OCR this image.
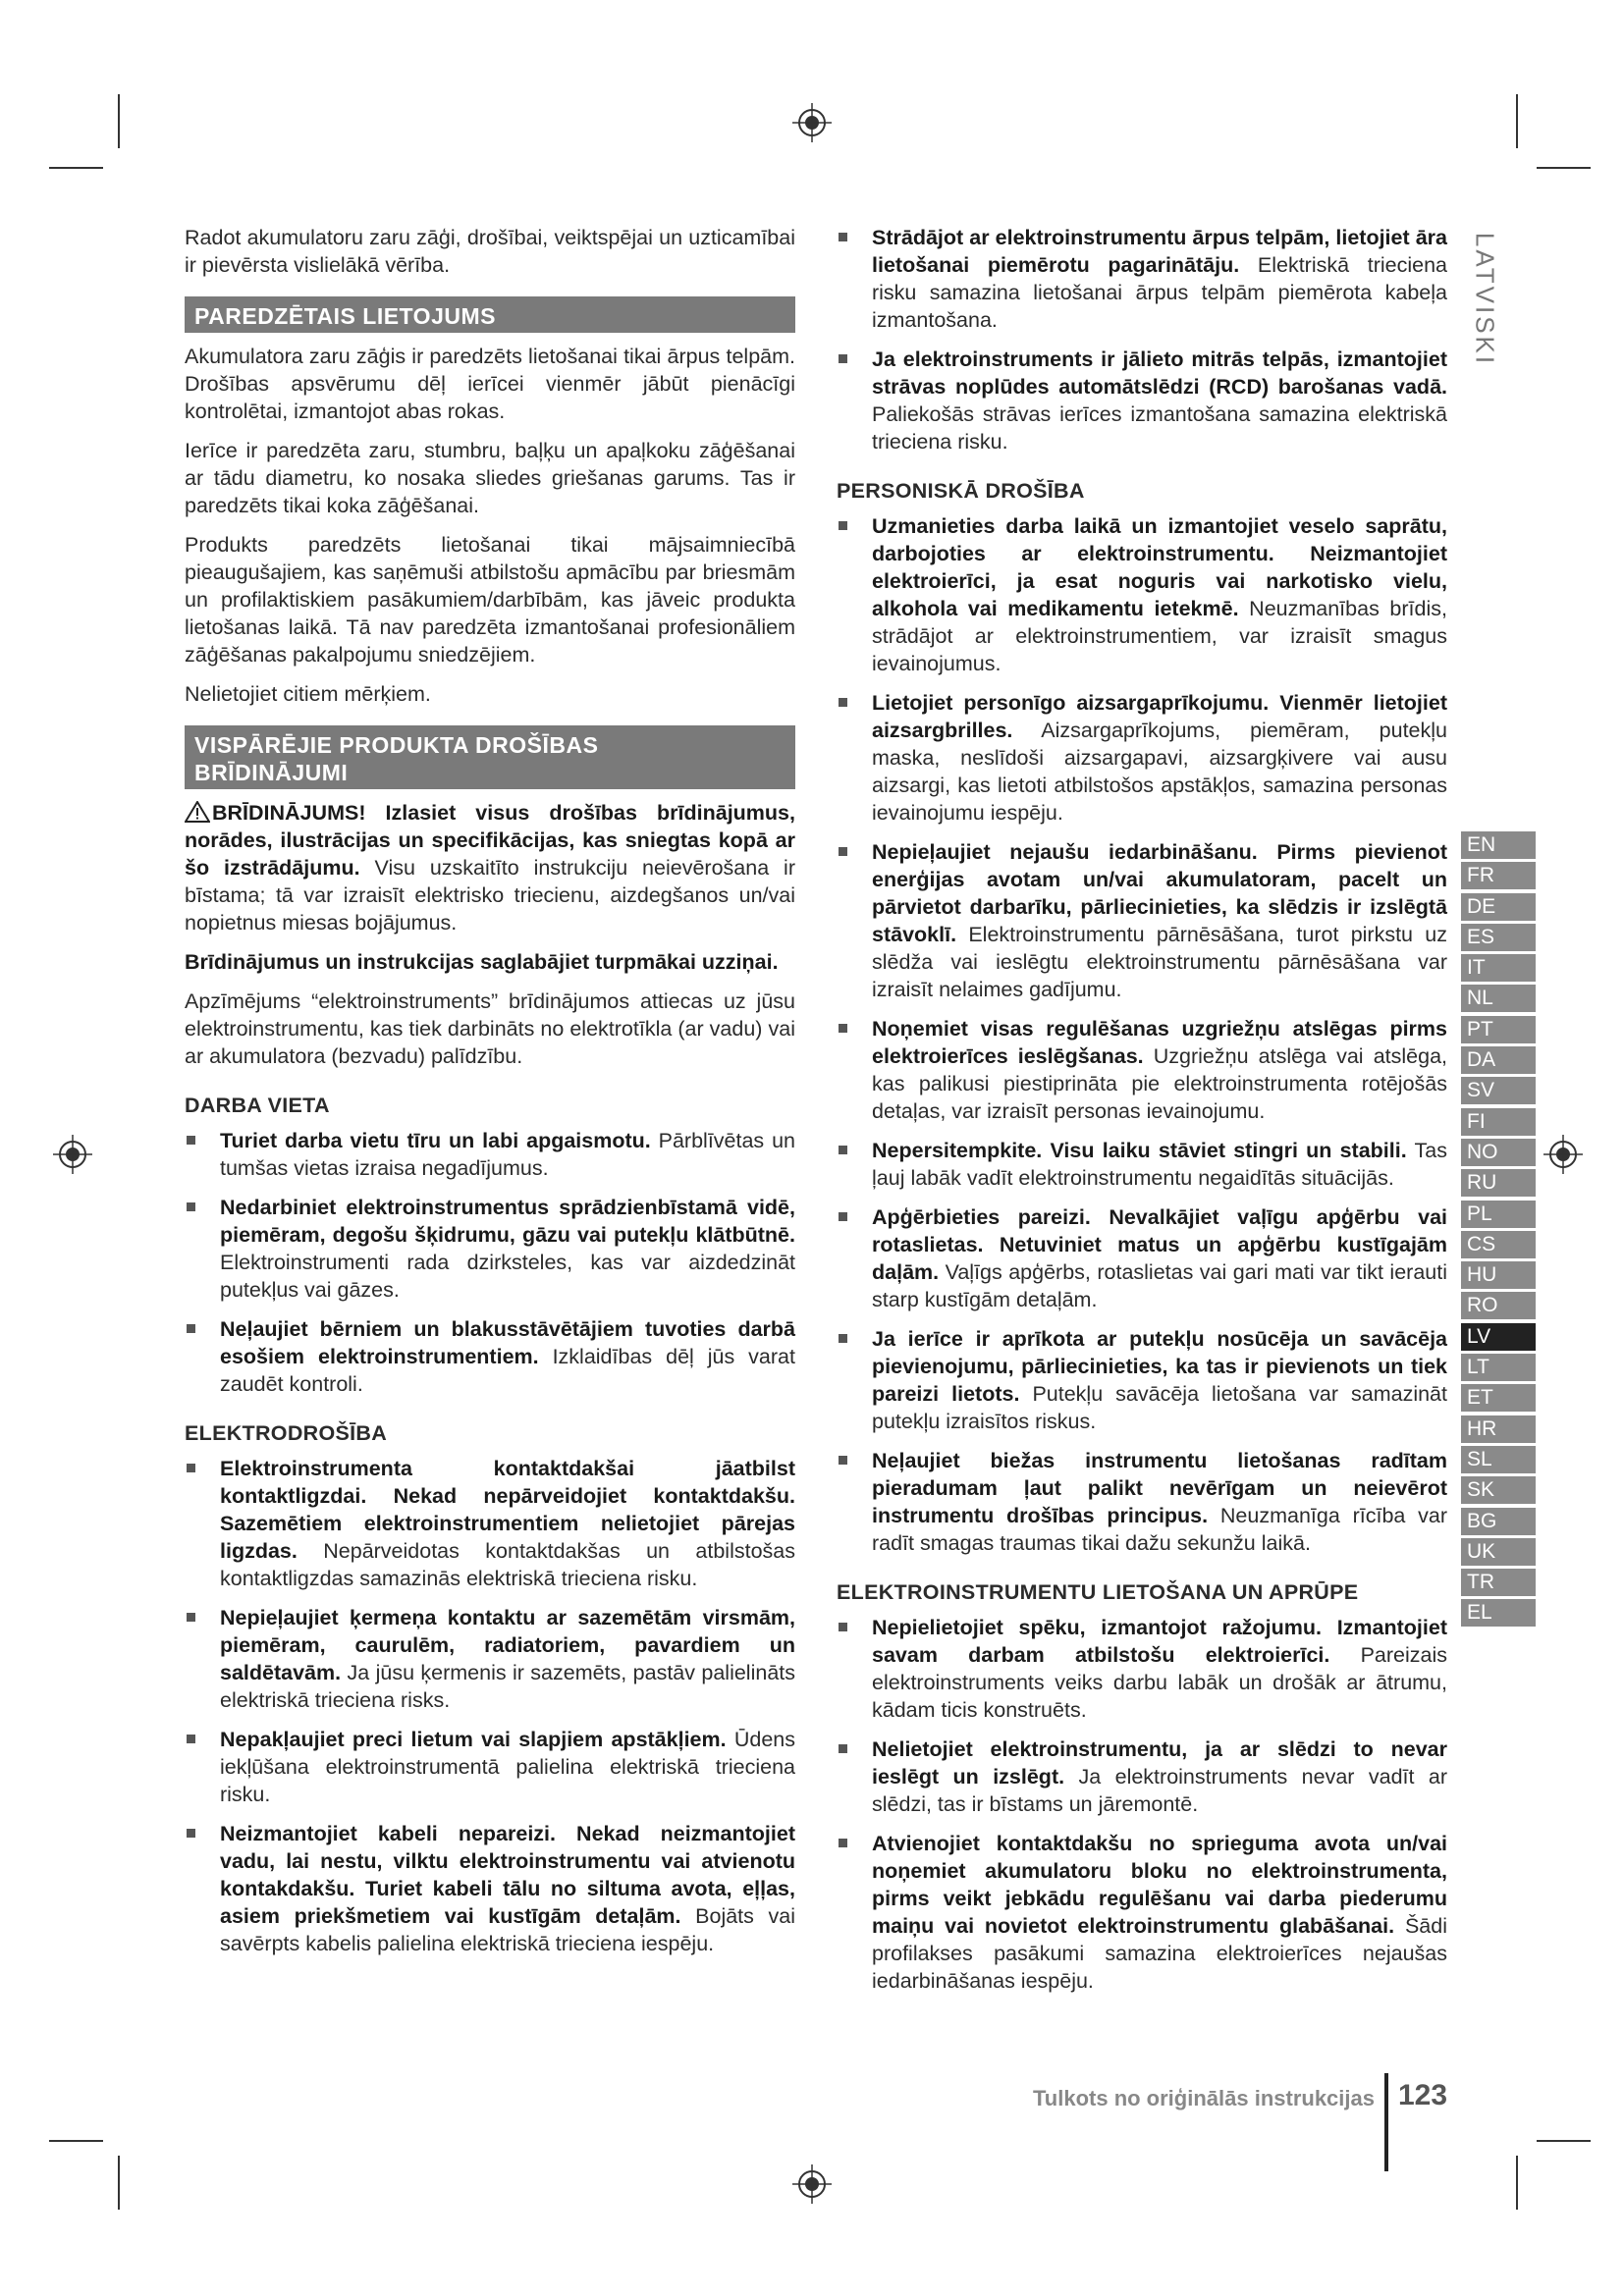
LATVISKI

Radot akumulatoru zaru zāģi, drošībai, veiktspējai un uzticamībai ir pievērsta vislielākā vērība.

PAREDZĒTAIS LIETOJUMS

Akumulatora zaru zāģis ir paredzēts lietošanai tikai ārpus telpām. Drošības apsvērumu dēļ ierīcei vienmēr jābūt pienācīgi kontrolētai, izmantojot abas rokas.

Ierīce ir paredzēta zaru, stumbru, baļķu un apaļkoku zāģēšanai ar tādu diametru, ko nosaka sliedes griešanas garums. Tas ir paredzēts tikai koka zāģēšanai.

Produkts paredzēts lietošanai tikai mājsaimniecībā pieaugušajiem, kas saņēmuši atbilstošu apmācību par briesmām un profilaktiskiem pasākumiem/darbībām, kas jāveic produkta lietošanas laikā. Tā nav paredzēta izmantošanai profesionāliem zāģēšanas pakalpojumu sniedzējiem.

Nelietojiet citiem mērķiem.

VISPĀRĒJIE PRODUKTA DROŠĪBAS
BRĪDINĀJUMI

BRĪDINĀJUMS! Izlasiet visus drošības brīdinājumus, norādes, ilustrācijas un specifikācijas, kas sniegtas kopā ar šo izstrādājumu. Visu uzskaitīto instrukciju neievērošana ir bīstama; tā var izraisīt elektrisko triecienu, aizdegšanos un/vai nopietnus miesas bojājumus.

Brīdinājumus un instrukcijas saglabājiet turpmākai uzziņai.

Apzīmējums “elektroinstruments” brīdinājumos attiecas uz jūsu elektroinstrumentu, kas tiek darbināts no elektrotīkla (ar vadu) vai ar akumulatora (bezvadu) palīdzību.

DARBA VIETA
Turiet darba vietu tīru un labi apgaismotu. Pārblīvētas un tumšas vietas izraisa negadījumus.
Nedarbiniet elektroinstrumentus sprādzienbīstamā vidē, piemēram, degošu šķidrumu, gāzu vai putekļu klātbūtnē. Elektroinstrumenti rada dzirksteles, kas var aizdedzināt putekļus vai gāzes.
Neļaujiet bērniem un blakusstāvētājiem tuvoties darbā esošiem elektroinstrumentiem. Izklaidības dēļ jūs varat zaudēt kontroli.
ELEKTRODROŠĪBA
Elektroinstrumenta kontaktdakšai jāatbilst kontaktligzdai. Nekad nepārveidojiet kontaktdakšu. Sazemētiem elektroinstrumentiem nelietojiet pārejas ligzdas. Nepārveidotas kontaktdakšas un atbilstošas kontaktligzdas samazinās elektriskā trieciena risku.
Nepieļaujiet ķermeņa kontaktu ar sazemētām virsmām, piemēram, caurulēm, radiatoriem, pavardiem un saldētavām. Ja jūsu ķermenis ir sazemēts, pastāv palielināts elektriskā trieciena risks.
Nepakļaujiet preci lietum vai slapjiem apstākļiem. Ūdens iekļūšana elektroinstrumentā palielina elektriskā trieciena risku.
Neizmantojiet kabeli nepareizi. Nekad neizmantojiet vadu, lai nestu, vilktu elektroinstrumentu vai atvienotu kontakdakšu. Turiet kabeli tālu no siltuma avota, eļļas, asiem priekšmetiem vai kustīgām detaļām. Bojāts vai savērpts kabelis palielina elektriskā trieciena iespēju.
Strādājot ar elektroinstrumentu ārpus telpām, lietojiet āra lietošanai piemērotu pagarinātāju. Elektriskā trieciena risku samazina lietošanai ārpus telpām piemērota kabeļa izmantošana.
Ja elektroinstruments ir jālieto mitrās telpās, izmantojiet strāvas noplūdes automātslēdzi (RCD) barošanas vadā. Paliekošās strāvas ierīces izmantošana samazina elektriskā trieciena risku.
PERSONISKĀ DROŠĪBA
Uzmanieties darba laikā un izmantojiet veselo saprātu, darbojoties ar elektroinstrumentu. Neizmantojiet elektroierīci, ja esat noguris vai narkotisko vielu, alkohola vai medikamentu ietekmē. Neuzmanības brīdis, strādājot ar elektroinstrumentiem, var izraisīt smagus ievainojumus.
Lietojiet personīgo aizsargaprīkojumu. Vienmēr lietojiet aizsargbrilles. Aizsargaprīkojums, piemēram, putekļu maska, neslīdoši aizsargapavi, aizsargķivere vai ausu aizsargi, kas lietoti atbilstošos apstākļos, samazina personas ievainojumu iespēju.
Nepieļaujiet nejaušu iedarbināšanu. Pirms pievienot enerģijas avotam un/vai akumulatoram, pacelt un pārvietot darbarīku, pārliecinieties, ka slēdzis ir izslēgtā stāvoklī. Elektroinstrumentu pārnēsāšana, turot pirkstu uz slēdža vai ieslēgtu elektroinstrumentu pārnēsāšana var izraisīt nelaimes gadījumu.
Noņemiet visas regulēšanas uzgriežņu atslēgas pirms elektroierīces ieslēgšanas. Uzgriežņu atslēga vai atslēga, kas palikusi piestiprināta pie elektroinstrumenta rotējošās detaļas, var izraisīt personas ievainojumu.
Nepersitempkite. Visu laiku stāviet stingri un stabili. Tas ļauj labāk vadīt elektroinstrumentu negaidītās situācijās.
Apģērbieties pareizi. Nevalkājiet vaļīgu apģērbu vai rotaslietas. Netuviniet matus un apģērbu kustīgajām daļām. Vaļīgs apģērbs, rotaslietas vai gari mati var tikt ierauti starp kustīgām detaļām.
Ja ierīce ir aprīkota ar putekļu nosūcēja un savācēja pievienojumu, pārliecinieties, ka tas ir pievienots un tiek pareizi lietots. Putekļu savācēja lietošana var samazināt putekļu izraisītos riskus.
Neļaujiet biežas instrumentu lietošanas radītam pieradumam ļaut palikt nevērīgam un neievērot instrumentu drošības principus. Neuzmanīga rīcība var radīt smagas traumas tikai dažu sekunžu laikā.
ELEKTROINSTRUMENTU LIETOŠANA UN APRŪPE
Nepielietojiet spēku, izmantojot ražojumu. Izmantojiet savam darbam atbilstošu elektroierīci. Pareizais elektroinstruments veiks darbu labāk un drošāk ar ātrumu, kādam ticis konstruēts.
Nelietojiet elektroinstrumentu, ja ar slēdzi to nevar ieslēgt un izslēgt. Ja elektroinstruments nevar vadīt ar slēdzi, tas ir bīstams un jāremontē.
Atvienojiet kontaktdakšu no sprieguma avota un/vai noņemiet akumulatoru bloku no elektroinstrumenta, pirms veikt jebkādu regulēšanu vai darba piederumu maiņu vai novietot elektroinstrumentu glabāšanai. Šādi profilakses pasākumi samazina elektroierīces nejaušas iedarbināšanas iespēju.
EN
FR
DE
ES
IT
NL
PT
DA
SV
FI
NO
RU
PL
CS
HU
RO
LV
LT
ET
HR
SL
SK
BG
UK
TR
EL
Tulkots no oriģinālās instrukcijas 123
